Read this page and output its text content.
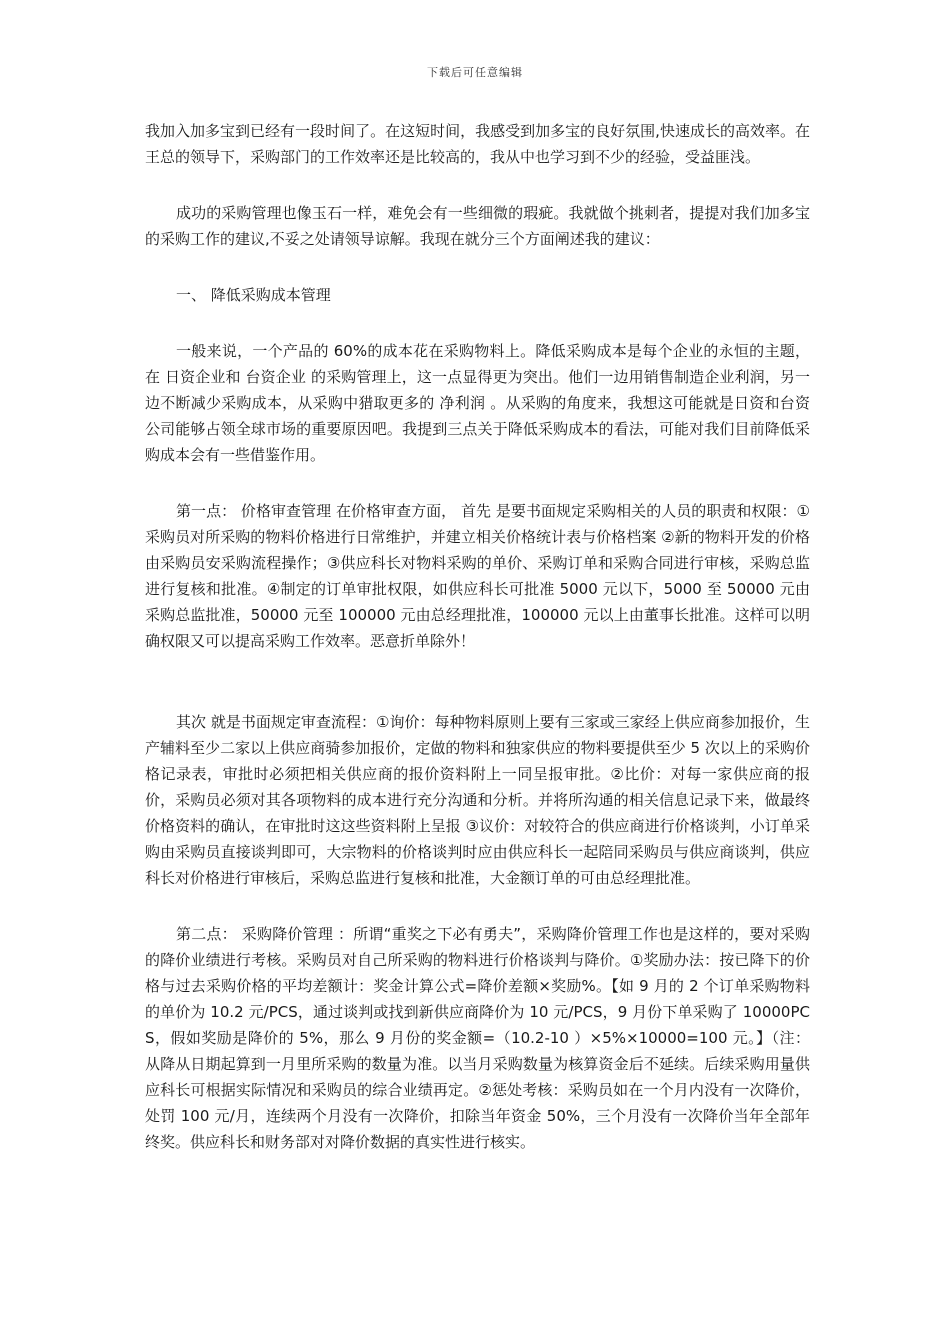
下载后可任意编辑

我加入加多宝到已经有一段时间了。在这短时间，我感受到加多宝的良好氛围,快速成长的高效率。在王总的领导下，采购部门的工作效率还是比较高的，我从中也学习到不少的经验，受益匪浅。

成功的采购管理也像玉石一样，难免会有一些细微的瑕疵。我就做个挑刺者，提提对我们加多宝的采购工作的建议,不妥之处请领导谅解。我现在就分三个方面阐述我的建议：

一、 降低采购成本管理

一般来说，一个产品的 60%的成本花在采购物料上。降低采购成本是每个企业的永恒的主题，在 日资企业和 台资企业 的采购管理上，这一点显得更为突出。他们一边用销售制造企业利润，另一边不断减少采购成本，从采购中猎取更多的 净利润 。从采购的角度来，我想这可能就是日资和台资公司能够占领全球市场的重要原因吧。我提到三点关于降低采购成本的看法，可能对我们目前降低采购成本会有一些借鉴作用。

第一点： 价格审查管理 在价格审查方面， 首先 是要书面规定采购相关的人员的职责和权限：①采购员对所采购的物料价格进行日常维护，并建立相关价格统计表与价格档案 ②新的物料开发的价格由采购员安采购流程操作；③供应科长对物料采购的单价、采购订单和采购合同进行审核，采购总监进行复核和批准。④制定的订单审批权限，如供应科长可批准 5000 元以下，5000 至 50000 元由采购总监批准，50000 元至 100000 元由总经理批准，100000 元以上由董事长批准。这样可以明确权限又可以提高采购工作效率。恶意折单除外！

其次 就是书面规定审查流程：①询价：每种物料原则上要有三家或三家经上供应商参加报价，生产辅料至少二家以上供应商骑参加报价，定做的物料和独家供应的物料要提供至少 5 次以上的采购价格记录表，审批时必须把相关供应商的报价资料附上一同呈报审批。②比价：对每一家供应商的报价，采购员必须对其各项物料的成本进行充分沟通和分析。并将所沟通的相关信息记录下来，做最终价格资料的确认，在审批时这这些资料附上呈报 ③议价：对较符合的供应商进行价格谈判，小订单采购由采购员直接谈判即可，大宗物料的价格谈判时应由供应科长一起陪同采购员与供应商谈判，供应科长对价格进行审核后，采购总监进行复核和批准，大金额订单的可由总经理批准。

第二点： 采购降价管理 ：所谓“重奖之下必有勇夫”，采购降价管理工作也是这样的，要对采购的降价业绩进行考核。采购员对自己所采购的物料进行价格谈判与降价。①奖励办法：按已降下的价格与过去采购价格的平均差额计：奖金计算公式=降价差额×奖励%。【如 9 月的 2 个订单采购物料的单价为 10.2 元/PCS，通过谈判或找到新供应商降价为 10 元/PCS，9 月份下单采购了 10000PCS，假如奖励是降价的 5%，那么 9 月份的奖金额=（10.2-10 ）×5%×10000=100 元。】（注：从降从日期起算到一月里所采购的数量为准。以当月采购数量为核算资金后不延续。后续采购用量供应科长可根据实际情况和采购员的综合业绩再定。②惩处考核：采购员如在一个月内没有一次降价，处罚 100 元/月，连续两个月没有一次降价，扣除当年资金 50%，三个月没有一次降价当年全部年终奖。供应科长和财务部对对降价数据的真实性进行核实。
